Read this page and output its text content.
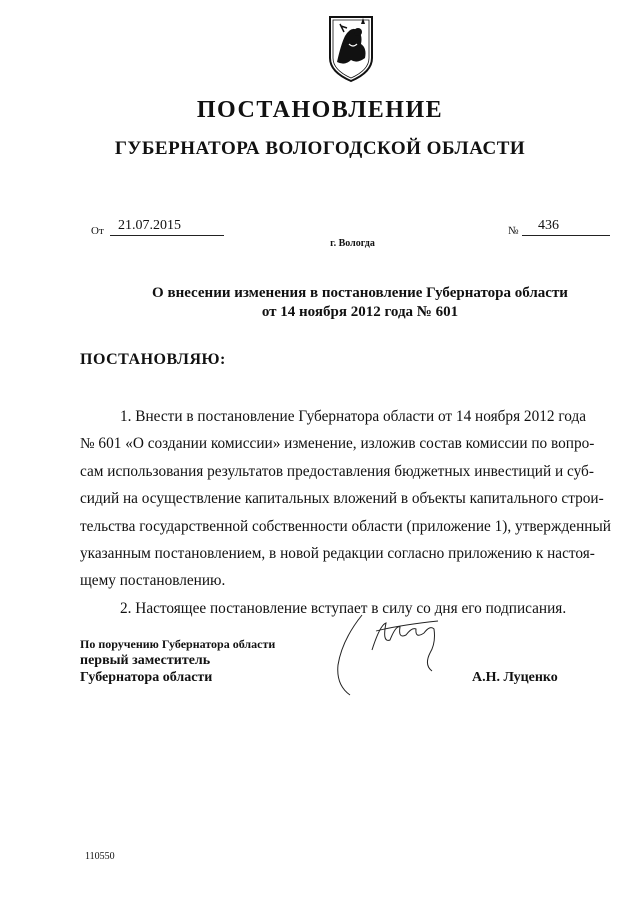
ПОСТАНОВЛЕНИЕ
ГУБЕРНАТОРА ВОЛОГОДСКОЙ ОБЛАСТИ
От 21.07.2015	№ 436
г. Вологда
О внесении изменения в постановление Губернатора области
от 14 ноября 2012 года № 601
ПОСТАНОВЛЯЮ:
1. Внести в постановление Губернатора области от 14 ноября 2012 года
№ 601 «О создании комиссии» изменение, изложив состав комиссии по вопро-
сам использования результатов предоставления бюджетных инвестиций и суб-
сидий на осуществление капитальных вложений в объекты капитального строи-
тельства государственной собственности области (приложение 1), утвержденный
указанным постановлением, в новой редакции согласно приложению к настоя-
щему постановлению.
2. Настоящее постановление вступает в силу со дня его подписания.
По поручению Губернатора области
первый заместитель
Губернатора области	А.Н. Луценко
110550
